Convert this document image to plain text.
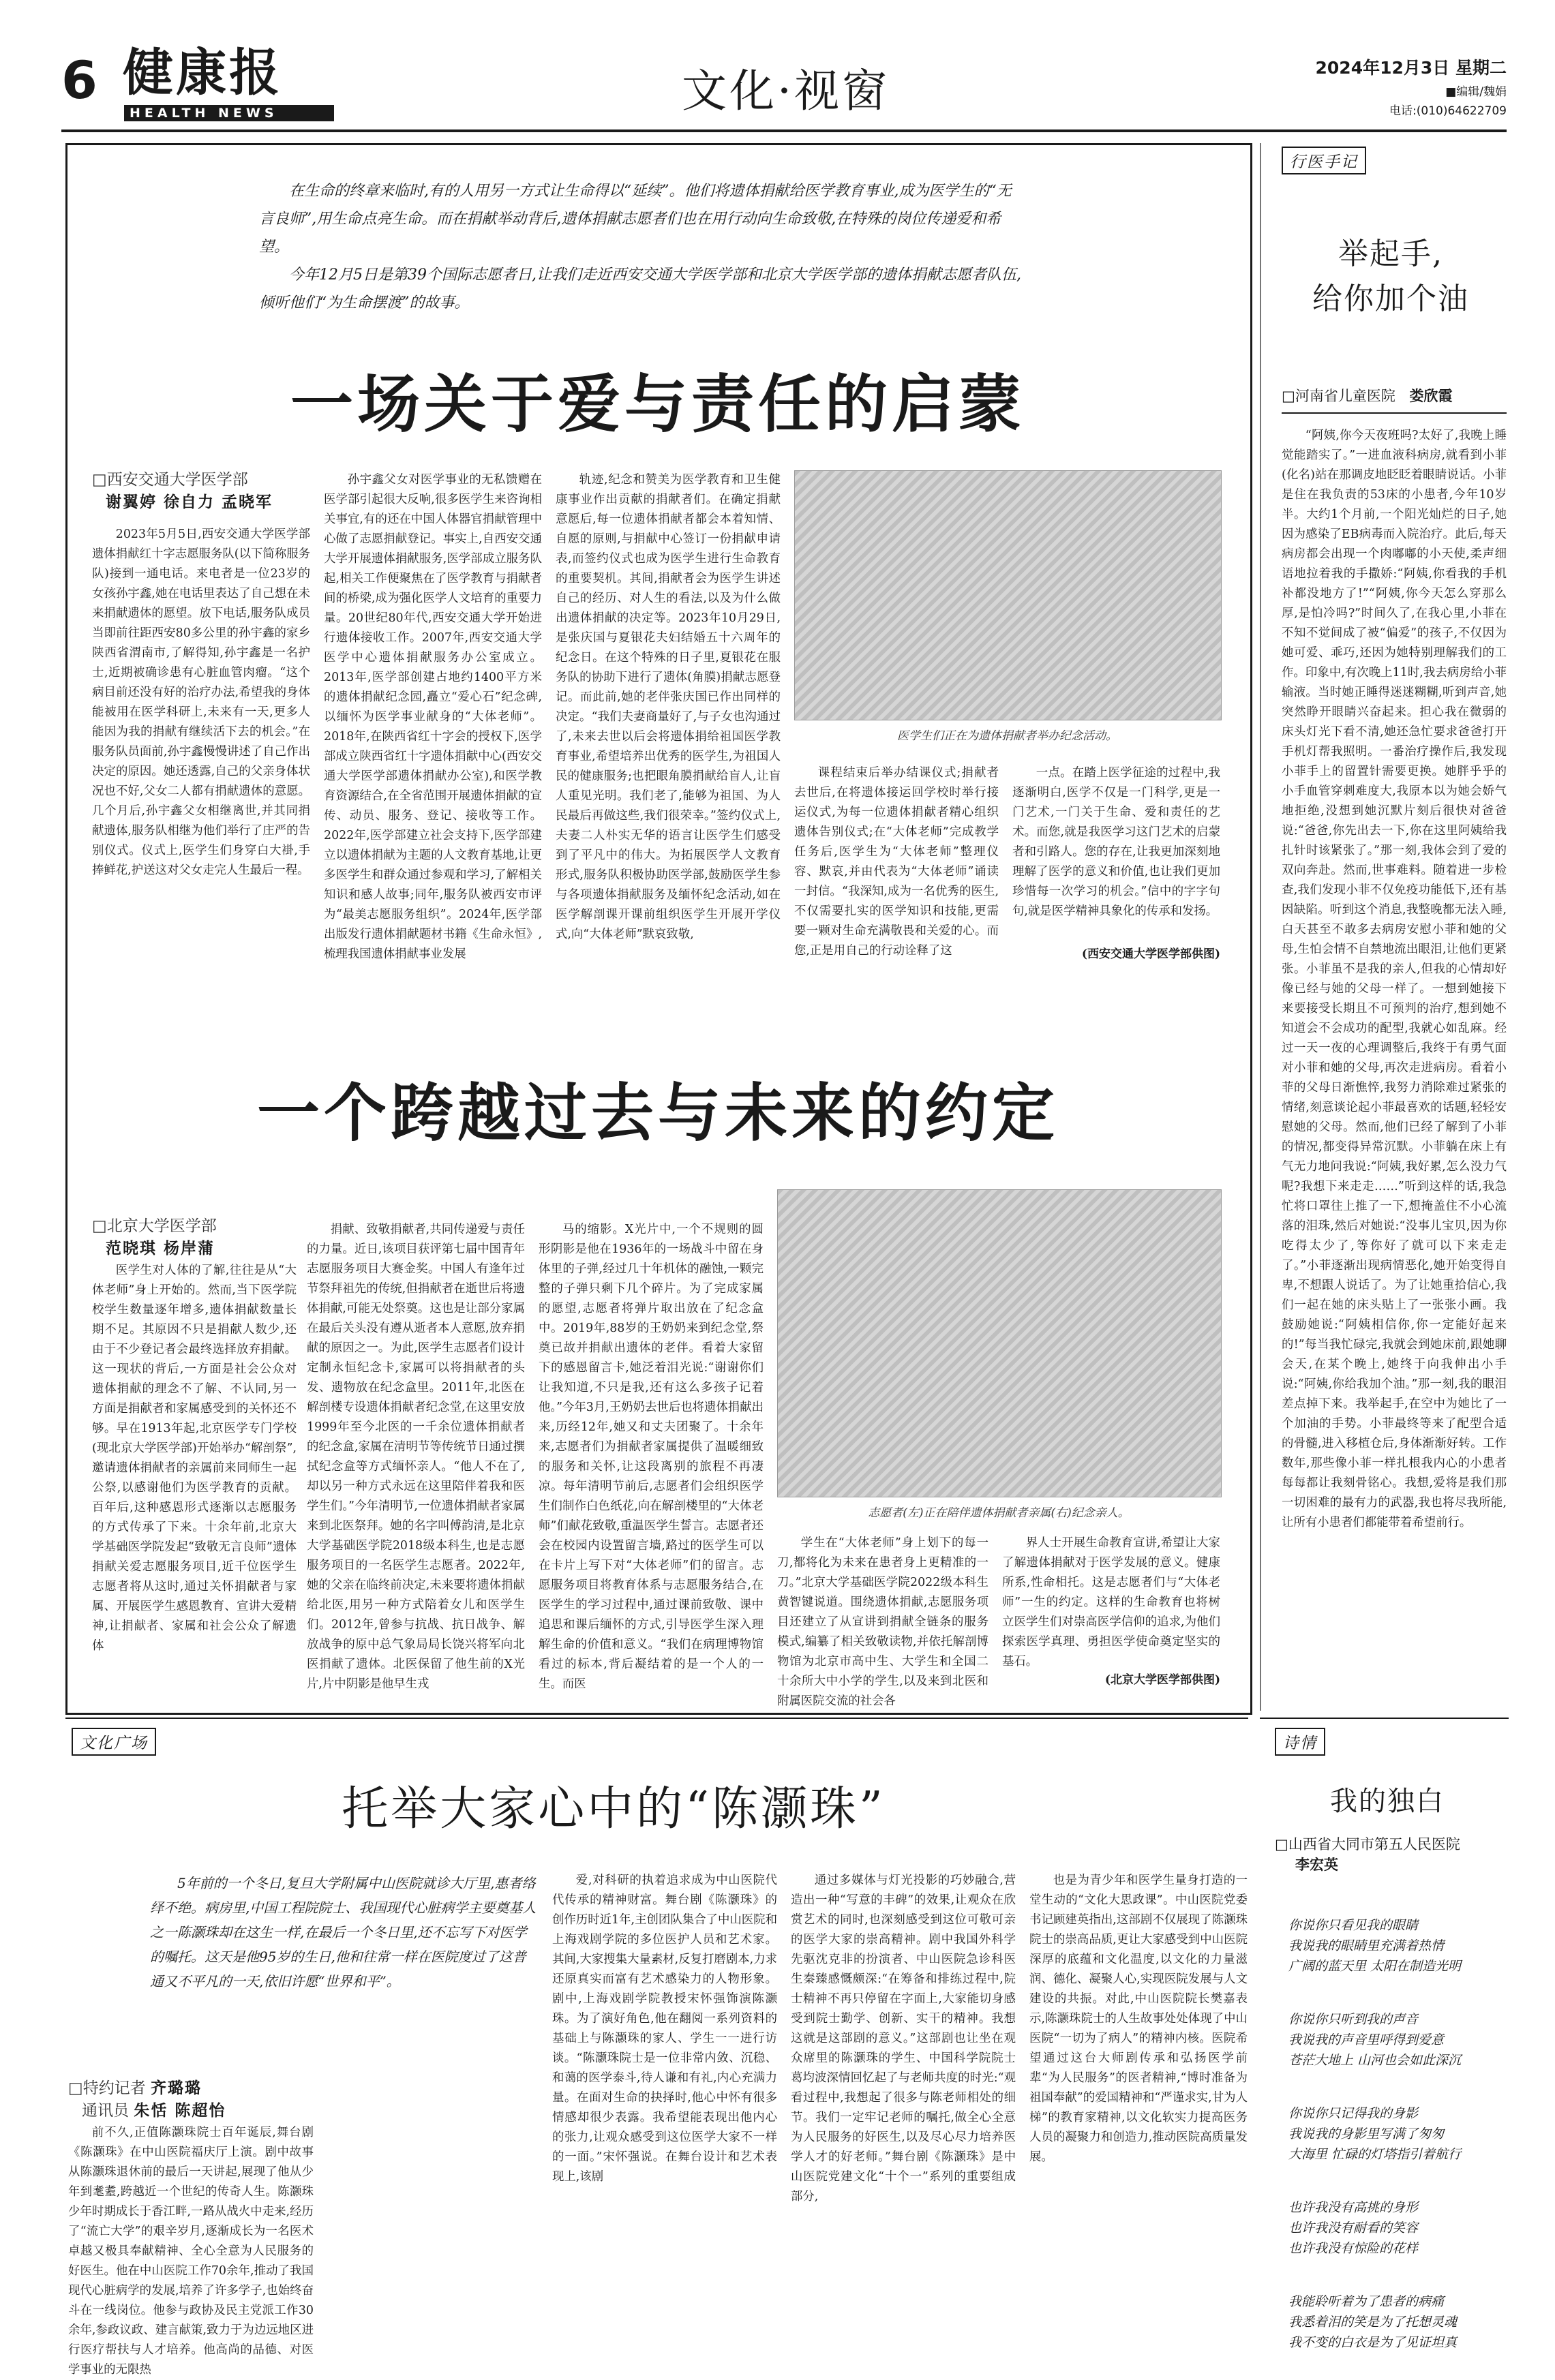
6 健康报
HEALTH NEWS	文化·视窗	2024年12月3日 星期二
■编辑/魏娟
电话:(010)64622709

在生命的终章来临时,有的人用另一方式让生命得以“延续”。他们将遗体捐献给医学教育事业,成为医学生的“无言良师”,用生命点亮生命。而在捐献举动背后,遗体捐献志愿者们也在用行动向生命致敬,在特殊的岗位传递爱和希望。

今年12月5日是第39个国际志愿者日,让我们走近西安交通大学医学部和北京大学医学部的遗体捐献志愿者队伍,倾听他们“为生命摆渡”的故事。

一场关于爱与责任的启蒙
□西安交通大学医学部
谢翼婷 徐自力 孟晓军
2023年5月5日,西安交通大学医学部遗体捐献红十字志愿服务队(以下简称服务队)接到一通电话。来电者是一位23岁的女孩孙宇鑫,她在电话里表达了自己想在未来捐献遗体的愿望。放下电话,服务队成员当即前往距西安80多公里的孙宇鑫的家乡陕西省渭南市,了解得知,孙宇鑫是一名护士,近期被确诊患有心脏血管肉瘤。“这个病目前还没有好的治疗办法,希望我的身体能被用在医学科研上,未来有一天,更多人能因为我的捐献有继续活下去的机会。”在服务队员面前,孙宇鑫慢慢讲述了自己作出决定的原因。她还透露,自己的父亲身体状况也不好,父女二人都有捐献遗体的意愿。几个月后,孙宇鑫父女相继离世,并其同捐献遗体,服务队相继为他们举行了庄严的告别仪式。仪式上,医学生们身穿白大褂,手捧鲜花,护送这对父女走完人生最后一程。
孙宇鑫父女对医学事业的无私馈赠在医学部引起很大反响,很多医学生来咨询相关事宜,有的还在中国人体器官捐献管理中心做了志愿捐献登记。事实上,自西安交通大学开展遗体捐献服务,医学部成立服务队起,相关工作便聚焦在了医学教育与捐献者间的桥梁,成为强化医学人文培育的重要力量。20世纪80年代,西安交通大学开始进行遗体接收工作。2007年,西安交通大学医学中心遗体捐献服务办公室成立。2013年,医学部创建占地约1400平方米的遗体捐献纪念园,矗立“爱心石”纪念碑,以缅怀为医学事业献身的“大体老师”。2018年,在陕西省红十字会的授权下,医学部成立陕西省红十字遗体捐献中心(西安交通大学医学部遗体捐献办公室),和医学教育资源结合,在全省范围开展遗体捐献的宣传、动员、服务、登记、接收等工作。2022年,医学部建立社会支持下,医学部建立以遗体捐献为主题的人文教育基地,让更多医学生和群众通过参观和学习,了解相关知识和感人故事;同年,服务队被西安市评为“最美志愿服务组织”。2024年,医学部出版发行遗体捐献题材书籍《生命永恒》,梳理我国遗体捐献事业发展
轨迹,纪念和赞美为医学教育和卫生健康事业作出贡献的捐献者们。在确定捐献意愿后,每一位遗体捐献者都会本着知情、自愿的原则,与捐献中心签订一份捐献申请表,而签约仪式也成为医学生进行生命教育的重要契机。其间,捐献者会为医学生讲述自己的经历、对人生的看法,以及为什么做出遗体捐献的决定等。2023年10月29日,是张庆国与夏银花夫妇结婚五十六周年的纪念日。在这个特殊的日子里,夏银花在服务队的协助下进行了遗体(角膜)捐献志愿登记。而此前,她的老伴张庆国已作出同样的决定。“我们夫妻商量好了,与子女也沟通过了,未来去世以后会将遗体捐给祖国医学教育事业,希望培养出优秀的医学生,为祖国人民的健康服务;也把眼角膜捐献给盲人,让盲人重见光明。我们老了,能够为祖国、为人民最后再做这些,我们很荣幸。”签约仪式上,夫妻二人朴实无华的语言让医学生们感受到了平凡中的伟大。为拓展医学人文教育形式,服务队积极协助医学部,鼓励医学生参与各项遗体捐献服务及缅怀纪念活动,如在医学解剖课开课前组织医学生开展开学仪式,向“大体老师”默哀致敬,
医学生们正在为遗体捐献者举办纪念活动。
课程结束后举办结课仪式;捐献者去世后,在将遗体接运回学校时举行接运仪式,为每一位遗体捐献者精心组织遗体告别仪式;在“大体老师”完成教学任务后,医学生为“大体老师”整理仪容、默哀,并由代表为“大体老师”诵读一封信。“我深知,成为一名优秀的医生,不仅需要扎实的医学知识和技能,更需要一颗对生命充满敬畏和关爱的心。而您,正是用自己的行动诠释了这
一点。在踏上医学征途的过程中,我逐渐明白,医学不仅是一门科学,更是一门艺术,一门关于生命、爱和责任的艺术。而您,就是我医学习这门艺术的启蒙者和引路人。您的存在,让我更加深刻地理解了医学的意义和价值,也让我们更加珍惜每一次学习的机会。”信中的字字句句,就是医学精神具象化的传承和发扬。
(西安交通大学医学部供图)
一个跨越过去与未来的约定
□北京大学医学部
范晓琪 杨岸蒲
医学生对人体的了解,往往是从“大体老师”身上开始的。然而,当下医学院校学生数量逐年增多,遗体捐献数量长期不足。其原因不只是捐献人数少,还由于不少登记者会最终选择放弃捐献。这一现状的背后,一方面是社会公众对遗体捐献的理念不了解、不认同,另一方面是捐献者和家属感受到的关怀还不够。早在1913年起,北京医学专门学校(现北京大学医学部)开始举办“解剖祭”,邀请遗体捐献者的亲属前来同师生一起公祭,以感谢他们为医学教育的贡献。百年后,这种感恩形式逐渐以志愿服务的方式传承了下来。十余年前,北京大学基础医学院发起“致敬无言良师”遗体捐献关爱志愿服务项目,近千位医学生志愿者将从这时,通过关怀捐献者与家属、开展医学生感恩教育、宣讲大爱精神,让捐献者、家属和社会公众了解遗体
捐献、致敬捐献者,共同传递爱与责任的力量。近日,该项目获评第七届中国青年志愿服务项目大赛金奖。中国人有逢年过节祭拜祖先的传统,但捐献者在逝世后将遗体捐献,可能无处祭奠。这也是让部分家属在最后关头没有遵从逝者本人意愿,放弃捐献的原因之一。为此,医学生志愿者们设计定制永恒纪念卡,家属可以将捐献者的头发、遗物放在纪念盒里。2011年,北医在解剖楼专设遗体捐献者纪念堂,在这里安放1999年至今北医的一千余位遗体捐献者的纪念盒,家属在清明节等传统节日通过撰拭纪念盒等方式缅怀亲人。“他人不在了,却以另一种方式永远在这里陪伴着我和医学生们。”今年清明节,一位遗体捐献者家属来到北医祭拜。她的名字叫傅韵清,是北京大学基础医学院2018级本科生,也是志愿服务项目的一名医学生志愿者。2022年,她的父亲在临终前决定,未来要将遗体捐献给北医,用另一种方式陪着女儿和医学生们。2012年,曾参与抗战、抗日战争、解放战争的原中总气象局局长饶兴将军向北医捐献了遗体。北医保留了他生前的X光片,片中阴影是他早生戎
马的缩影。X光片中,一个不规则的圆形阴影是他在1936年的一场战斗中留在身体里的子弹,经过几十年机体的融蚀,一颗完整的子弹只剩下几个碎片。为了完成家属的愿望,志愿者将弹片取出放在了纪念盒中。2019年,88岁的王奶奶来到纪念堂,祭奠已故并捐献出遗体的老伴。看着大家留下的感恩留言卡,她泛着泪光说:“谢谢你们让我知道,不只是我,还有这么多孩子记着他。”今年3月,王奶奶去世后也将遗体捐献出来,历经12年,她又和丈夫团聚了。十余年来,志愿者们为捐献者家属提供了温暖细致的服务和关怀,让这段离别的旅程不再凄凉。每年清明节前后,志愿者们会组织医学生们制作白色纸花,向在解剖楼里的“大体老师”们献花致敬,重温医学生誓言。志愿者还会在校园内设置留言墙,路过的医学生可以在卡片上写下对“大体老师”们的留言。志愿服务项目将教育体系与志愿服务结合,在医学生的学习过程中,通过课前致敬、课中追思和课后缅怀的方式,引导医学生深入理解生命的价值和意义。“我们在病理博物馆看过的标本,背后凝结着的是一个人的一生。而医
志愿者(左)正在陪伴遗体捐献者亲属(右)纪念亲人。
学生在“大体老师”身上划下的每一刀,都将化为未来在患者身上更精准的一刀。”北京大学基础医学院2022级本科生黄智键说道。围绕遗体捐献,志愿服务项目还建立了从宣讲到捐献全链条的服务模式,编纂了相关致敬读物,并依托解剖博物馆为北京市高中生、大学生和全国二十余所大中小学的学生,以及来到北医和附属医院交流的社会各
界人士开展生命教育宣讲,希望让大家了解遗体捐献对于医学发展的意义。健康所系,性命相托。这是志愿者们与“大体老师”一生的约定。这样的生命教育也将树立医学生们对崇高医学信仰的追求,为他们探索医学真理、勇担医学使命奠定坚实的基石。
(北京大学医学部供图)
行医手记
举起手,
给你加个油
□河南省儿童医院 娄欣霞
“阿姨,你今天夜班吗?太好了,我晚上睡觉能踏实了。”一进血液科病房,就看到小菲(化名)站在那调皮地眨眨着眼睛说话。小菲是住在我负责的53床的小患者,今年10岁半。大约1个月前,一个阳光灿烂的日子,她因为感染了EB病毒而入院治疗。此后,每天病房都会出现一个肉嘟嘟的小天使,柔声细语地拉着我的手撒娇:“阿姨,你看我的手机补都没地方了!”“阿姨,你今天怎么穿那么厚,是怕冷吗?”时间久了,在我心里,小菲在不知不觉间成了被“偏爱”的孩子,不仅因为她可爱、乖巧,还因为她特别理解我们的工作。印象中,有次晚上11时,我去病房给小菲输液。当时她正睡得迷迷糊糊,听到声音,她突然睁开眼睛兴奋起来。担心我在微弱的床头灯光下看不清,她还急忙要求爸爸打开手机灯帮我照明。一番治疗操作后,我发现小菲手上的留置针需要更换。她胖乎乎的小手血管穿刺难度大,我原本以为她会娇气地拒绝,没想到她沉默片刻后很快对爸爸说:“爸爸,你先出去一下,你在这里阿姨给我扎针时该紧张了。”那一刻,我体会到了爱的双向奔赴。然而,世事难料。随着进一步检查,我们发现小菲不仅免疫功能低下,还有基因缺陷。听到这个消息,我整晚都无法入睡,白天甚至不敢多去病房安慰小菲和她的父母,生怕会情不自禁地流出眼泪,让他们更紧张。小菲虽不是我的亲人,但我的心情却好像已经与她的父母一样了。一想到她接下来要接受长期且不可预判的治疗,想到她不知道会不会成功的配型,我就心如乱麻。经过一天一夜的心理调整后,我终于有勇气面对小菲和她的父母,再次走进病房。看着小菲的父母日渐憔悴,我努力消除难过紧张的情绪,刻意谈论起小菲最喜欢的话题,轻轻安慰她的父母。然而,他们已经了解到了小菲的情况,都变得异常沉默。小菲躺在床上有气无力地问我说:“阿姨,我好累,怎么没力气呢?我想下来走走……”听到这样的话,我急忙将口罩往上推了一下,想掩盖住不小心流落的泪珠,然后对她说:“没事儿宝贝,因为你吃得太少了,等你好了就可以下来走走了。”小菲逐渐出现病情恶化,她开始变得自卑,不想跟人说话了。为了让她重拾信心,我们一起在她的床头贴上了一张张小画。我鼓励她说:“阿姨相信你,你一定能好起来的!”每当我忙碌完,我就会到她床前,跟她聊会天,在某个晚上,她终于向我伸出小手说:“阿姨,你给我加个油。”那一刻,我的眼泪差点掉下来。我举起手,在空中为她比了一个加油的手势。小菲最终等来了配型合适的骨髓,进入移植仓后,身体渐渐好转。工作数年,那些像小菲一样扎根我内心的小患者每每都让我刻骨铭心。我想,爱将是我们那一切困难的最有力的武器,我也将尽我所能,让所有小患者们都能带着希望前行。
诗情
我的独白
□山西省大同市第五人民医院
李宏英

你说你只看见我的眼睛
我说我的眼睛里充满着热情
广阔的蓝天里 太阳在制造光明

你说你只听到我的声音
我说我的声音里呼得到爱意
苍茫大地上 山河也会如此深沉

你说你只记得我的身影
我说我的身影里写满了匆匆
大海里 忙碌的灯塔指引着航行

也许我没有高挑的身形
也许我没有耐看的笑容
也许我没有惊险的花样

我能聆听着为了患者的病痛
我悉着泪的笑是为了托想灵魂
我不变的白衣是为了见证坦真

文化广场
托举大家心中的“陈灏珠”
5年前的一个冬日,复旦大学附属中山医院就诊大厅里,惠者络绎不绝。病房里,中国工程院院士、我国现代心脏病学主要奠基人之一陈灏珠却在这生一样,在最后一个冬日里,还不忘写下对医学的嘱托。这天是他95岁的生日,他和往常一样在医院度过了这普通又不平凡的一天,依旧许愿“世界和平”。
□特约记者 齐璐璐
通讯员 朱恬 陈超怡
前不久,正值陈灏珠院士百年诞辰,舞台剧《陈灏珠》在中山医院福庆厅上演。剧中故事从陈灏珠退休前的最后一天讲起,展现了他从少年到耄耋,跨越近一个世纪的传奇人生。陈灏珠少年时期成长于香江畔,一路从战火中走来,经历了“流亡大学”的艰辛岁月,逐渐成长为一名医术卓越又极具奉献精神、全心全意为人民服务的好医生。他在中山医院工作70余年,推动了我国现代心脏病学的发展,培养了许多学子,也始终奋斗在一线岗位。他参与政协及民主党派工作30余年,参政议政、建言献策,致力于为边远地区进行医疗帮扶与人才培养。他高尚的品德、对医学事业的无限热
爱,对科研的执着追求成为中山医院代代传承的精神财富。舞台剧《陈灏珠》的创作历时近1年,主创团队集合了中山医院和上海戏剧学院的多位医护人员和艺术家。其间,大家搜集大量素材,反复打磨剧本,力求还原真实而富有艺术感染力的人物形象。剧中,上海戏剧学院教授宋怀强饰演陈灏珠。为了演好角色,他在翻阅一系列资料的基础上与陈灏珠的家人、学生一一进行访谈。“陈灏珠院士是一位非常内敛、沉稳、和蔼的医学泰斗,待人谦和有礼,内心充满力量。在面对生命的抉择时,他心中怀有很多情感却很少表露。我希望能表现出他内心的张力,让观众感受到这位医学大家不一样的一面。”宋怀强说。在舞台设计和艺术表现上,该剧
通过多媒体与灯光投影的巧妙融合,营造出一种“写意的丰碑”的效果,让观众在欣赏艺术的同时,也深刻感受到这位可敬可亲的医学大家的崇高精神。剧中我国外科学先驱沈克非的扮演者、中山医院急诊科医生秦臻感慨颇深:“在筹备和排练过程中,院士精神不再只停留在字面上,大家能切身感受到院士勤学、创新、实干的精神。我想这就是这部剧的意义。”这部剧也让坐在观众席里的陈灏珠的学生、中国科学院院士葛均波深情回忆起了与老师共度的时光:“观看过程中,我想起了很多与陈老师相处的细节。我们一定牢记老师的嘱托,做全心全意为人民服务的好医生,以及尽心尽力培养医学人才的好老师。”舞台剧《陈灏珠》是中山医院党建文化“十个一”系列的重要组成部分,
也是为青少年和医学生量身打造的一堂生动的“文化大思政课”。中山医院党委书记顾建英指出,这部剧不仅展现了陈灏珠院士的崇高品质,更让大家感受到中山医院深厚的底蕴和文化温度,以文化的力量滋润、德化、凝聚人心,实现医院发展与人文建设的共振。对此,中山医院院长樊嘉表示,陈灏珠院士的人生故事处处体现了中山医院“一切为了病人”的精神内核。医院希望通过这台大师剧传承和弘扬医学前辈“为人民服务”的医者精神,“博时准备为祖国奉献”的爱国精神和“严谨求实,甘为人梯”的教育家精神,以文化软实力提高医务人员的凝聚力和创造力,推动医院高质量发展。
